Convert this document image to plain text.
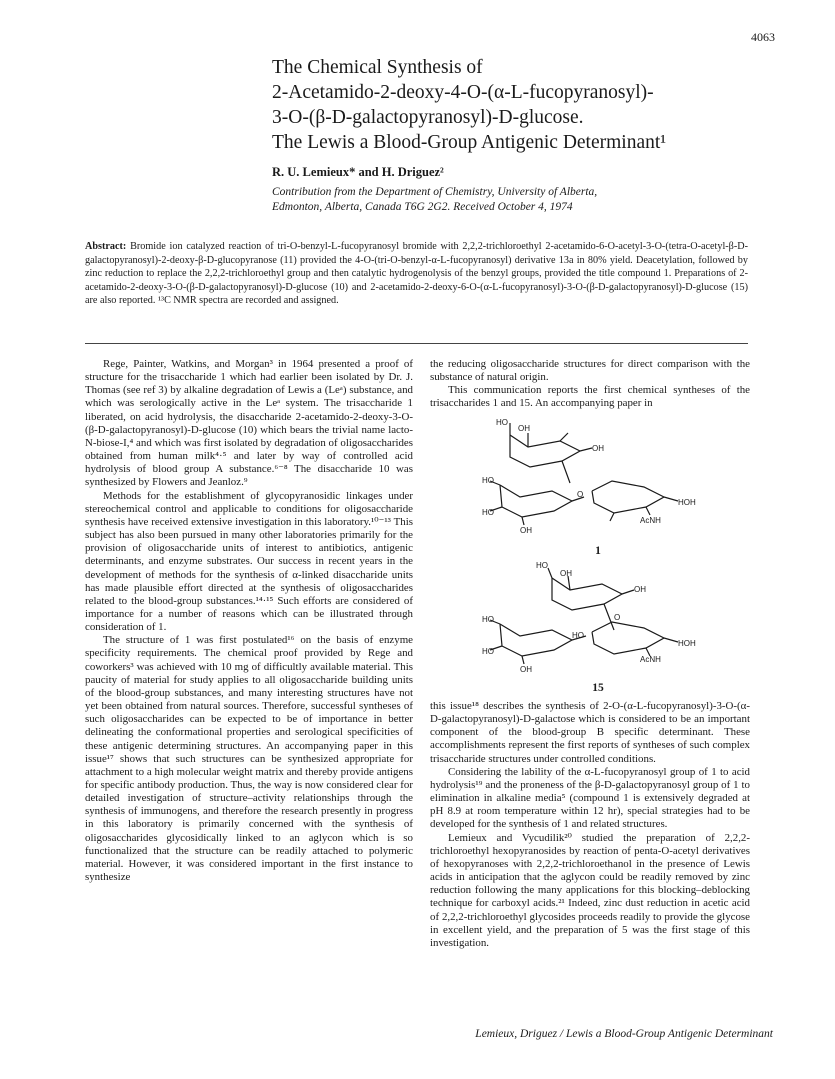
4063

The Chemical Synthesis of

2-Acetamido-2-deoxy-4-O-(α-L-fucopyranosyl)-

3-O-(β-D-galactopyranosyl)-D-glucose.

The Lewis a Blood-Group Antigenic Determinant¹

R. U. Lemieux* and H. Driguez²
Contribution from the Department of Chemistry, University of Alberta,
Edmonton, Alberta, Canada T6G 2G2. Received October 4, 1974

Abstract: Bromide ion catalyzed reaction of tri-O-benzyl-L-fucopyranosyl bromide with 2,2,2-trichloroethyl 2-acetamido-6-O-acetyl-3-O-(tetra-O-acetyl-β-D-galactopyranosyl)-2-deoxy-β-D-glucopyranose (11) provided the 4-O-(tri-O-benzyl-α-L-fucopyranosyl) derivative 13a in 80% yield. Deacetylation, followed by zinc reduction to replace the 2,2,2-trichloroethyl group and then catalytic hydrogenolysis of the benzyl groups, provided the title compound 1. Preparations of 2-acetamido-2-deoxy-3-O-(β-D-galactopyranosyl)-D-glucose (10) and 2-acetamido-2-deoxy-6-O-(α-L-fucopyranosyl)-3-O-(β-D-galactopyranosyl)-D-glucose (15) are also reported. ¹³C NMR spectra are recorded and assigned.

Rege, Painter, Watkins, and Morgan³ in 1964 presented a proof of structure for the trisaccharide 1 which had earlier been isolated by Dr. J. Thomas (see ref 3) by alkaline degradation of Lewis a (Leᵃ) substance, and which was serologically active in the Leᵃ system. The trisaccharide 1 liberated, on acid hydrolysis, the disaccharide 2-acetamido-2-deoxy-3-O-(β-D-galactopyranosyl)-D-glucose (10) which bears the trivial name lacto-N-biose-I,⁴ and which was first isolated by degradation of oligosaccharides obtained from human milk⁴·⁵ and later by way of controlled acid hydrolysis of blood group A substance.⁶⁻⁸ The disaccharide 10 was synthesized by Flowers and Jeanloz.⁹

Methods for the establishment of glycopyranosidic linkages under stereochemical control and applicable to conditions for oligosaccharide synthesis have received extensive investigation in this laboratory.¹⁰⁻¹³ This subject has also been pursued in many other laboratories primarily for the provision of oligosaccharide units of interest to antibiotics, antigenic determinants, and enzyme substrates. Our success in recent years in the development of methods for the synthesis of α-linked disaccharide units has made plausible effort directed at the synthesis of oligosaccharides related to the blood-group substances.¹⁴·¹⁵ Such efforts are considered of importance for a number of reasons which can be illustrated through consideration of 1.

The structure of 1 was first postulated¹⁶ on the basis of enzyme specificity requirements. The chemical proof provided by Rege and coworkers³ was achieved with 10 mg of difficultly available material. This paucity of material for study applies to all oligosaccharide building units of the blood-group substances, and many interesting structures have not yet been obtained from natural sources. Therefore, successful syntheses of such oligosaccharides can be expected to be of importance in better delineating the conformational properties and serological specificities of these antigenic determining structures. An accompanying paper in this issue¹⁷ shows that such structures can be synthesized appropriate for attachment to a high molecular weight matrix and thereby provide antigens for specific antibody production. Thus, the way is now considered clear for detailed investigation of structure–activity relationships through the synthesis of immunogens, and therefore the research presently in progress in this laboratory is primarily concerned with the synthesis of oligosaccharides glycosidically linked to an aglycon which is so functionalized that the structure can be readily attached to polymeric material. However, it was considered important in the first instance to synthesize

the reducing oligosaccharide structures for direct comparison with the substance of natural origin.

This communication reports the first chemical syntheses of the trisaccharides 1 and 15. An accompanying paper in

HO
OH
OH
HO
O
HOH
HO
OH
AcNH
1
HO
OH
OH
HO	O
HO
HOH
HO
OH
AcNH
15

this issue¹⁸ describes the synthesis of 2-O-(α-L-fucopyranosyl)-3-O-(α-D-galactopyranosyl)-D-galactose which is considered to be an important component of the blood-group B specific determinant. These accomplishments represent the first reports of syntheses of such complex trisaccharide structures under controlled conditions.

Considering the lability of the α-L-fucopyranosyl group of 1 to acid hydrolysis¹⁹ and the proneness of the β-D-galactopyranosyl group of 1 to elimination in alkaline media⁵ (compound 1 is extensively degraded at pH 8.9 at room temperature within 12 hr), special strategies had to be developed for the synthesis of 1 and related structures.

Lemieux and Vycudilik²⁰ studied the preparation of 2,2,2-trichloroethyl hexopyranosides by reaction of penta-O-acetyl derivatives of hexopyranoses with 2,2,2-trichloroethanol in the presence of Lewis acids in anticipation that the aglycon could be readily removed by zinc reduction following the many applications for this blocking–deblocking technique for carboxyl acids.²¹ Indeed, zinc dust reduction in acetic acid of 2,2,2-trichloroethyl glycosides proceeds readily to provide the glycose in excellent yield, and the preparation of 5 was the first stage of this investigation.

Lemieux, Driguez / Lewis a Blood-Group Antigenic Determinant
